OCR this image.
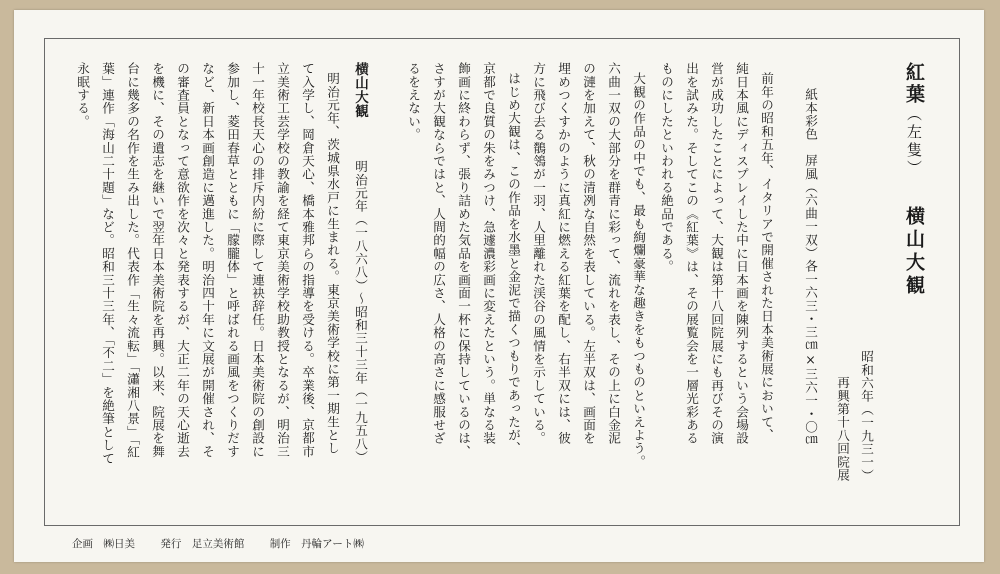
紅葉（左隻）
横山大観
昭和六年（一九三一）
再興第十八回院展
紙本彩色　屏風（六曲一双）各一六三・三㎝×三六一・〇㎝
前年の昭和五年、イタリアで開催された日本美術展において、
純日本風にディスプレイした中に日本画を陳列するという会場設
営が成功したことによって、大観は第十八回院展にも再びその演
出を試みた。そしてこの《紅葉》は、その展覧会を一層光彩ある
ものにしたといわれる絶品である。
大観の作品の中でも、最も絢爛豪華な趣きをもつものといえよう。
六曲一双の大部分を群青に彩って、流れを表し、その上に白金泥
の漣を加えて、秋の清冽な自然を表している。左半双は、画面を
埋めつくすかのように真紅に燃える紅葉を配し、右半双には、彼
方に飛び去る鶺鴒が一羽、人里離れた渓谷の風情を示している。
はじめ大観は、この作品を水墨と金泥で描くつもりであったが、
京都で良質の朱をみつけ、急遽濃彩画に変えたという。単なる装
飾画に終わらず、張り詰めた気品を画面一杯に保持しているのは、
さすが大観ならではと、人間的幅の広さ、人格の高さに感服せざ
るをえない。
横山大観
明治元年（一八六八）〜昭和三十三年（一九五八）
明治元年、茨城県水戸に生まれる。東京美術学校に第一期生とし
て入学し、岡倉天心、橋本雅邦らの指導を受ける。卒業後、京都市
立美術工芸学校の教諭を経て東京美術学校助教授となるが、明治三
十一年校長天心の排斥内紛に際して連袂辞任。日本美術院の創設に
参加し、菱田春草とともに「朦朧体」と呼ばれる画風をつくりだす
など、新日本画創造に邁進した。明治四十年に文展が開催され、そ
の審査員となって意欲作を次々と発表するが、大正二年の天心逝去
を機に、その遺志を継いで翌年日本美術院を再興。以来、院展を舞
台に幾多の名作を生み出した。代表作「生々流転」「瀟湘八景」「紅
葉」連作「海山二十題」など。昭和三十三年、「不二」を絶筆として
永眠する。
企画　㈱日美 発行　足立美術館 制作　丹輪アート㈱
